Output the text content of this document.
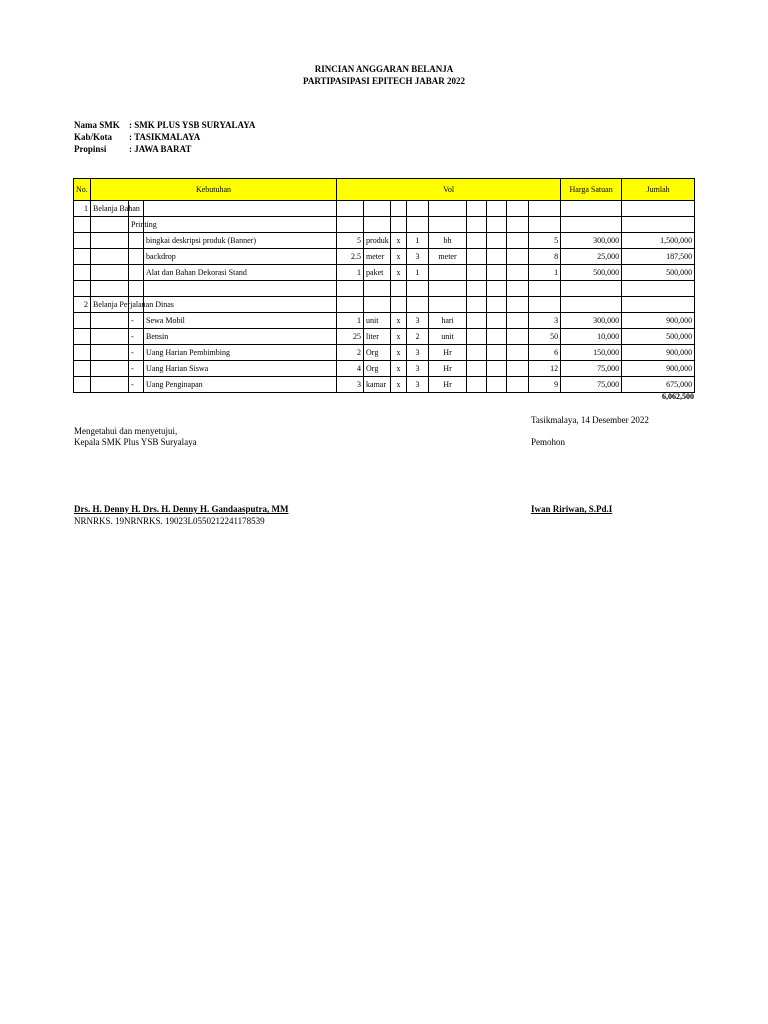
RINCIAN ANGGARAN BELANJA
PARTIPASIPASI EPITECH JABAR 2022
Nama SMK : SMK PLUS YSB SURYALAYA
Kab/Kota : TASIKMALAYA
Propinsi	: JAWA BARAT
No.	Kebutuhan			Vol									Harga Satuan	Jumlah
1	Belanja Bahan													
		Printing												
			bingkai deskripsi produk (Banner)	5	produk	x	1	bh				5	300,000	1,500,000
			backdrop	2.5	meter	x	3	meter				8	25,000	187,500
			Alat dan Bahan Dekorasi Stand	1	paket	x	1					1	500,000	500,000

2	Belanja Perjalanan Dinas													
		-	Sewa Mobil	1	unit	x	3	hari				3	300,000	900,000
		-	Bensin	25	liter	x	2	unit				50	10,000	500,000
		-	Uang Harian Pembimbing	2	Org	x	3	Hr				6	150,000	900,000
		-	Uang Harian Siswa	4	Org	x	3	Hr				12	75,000	900,000
		-	Uang Penginapan	3	kamar	x	3	Hr				9	75,000	675,000
6,062,500
Tasikmalaya, 14 Desember 2022
Mengetahui dan menyetujui,
Kepala SMK Plus YSB Suryalaya	Pemohon
Drs. H. Denny H. Drs. H. Denny H. Gandaasputra, MM
NRNRKS. 19NRNRKS. 19023L0550212241178539
Iwan Ririwan, S.Pd.I
